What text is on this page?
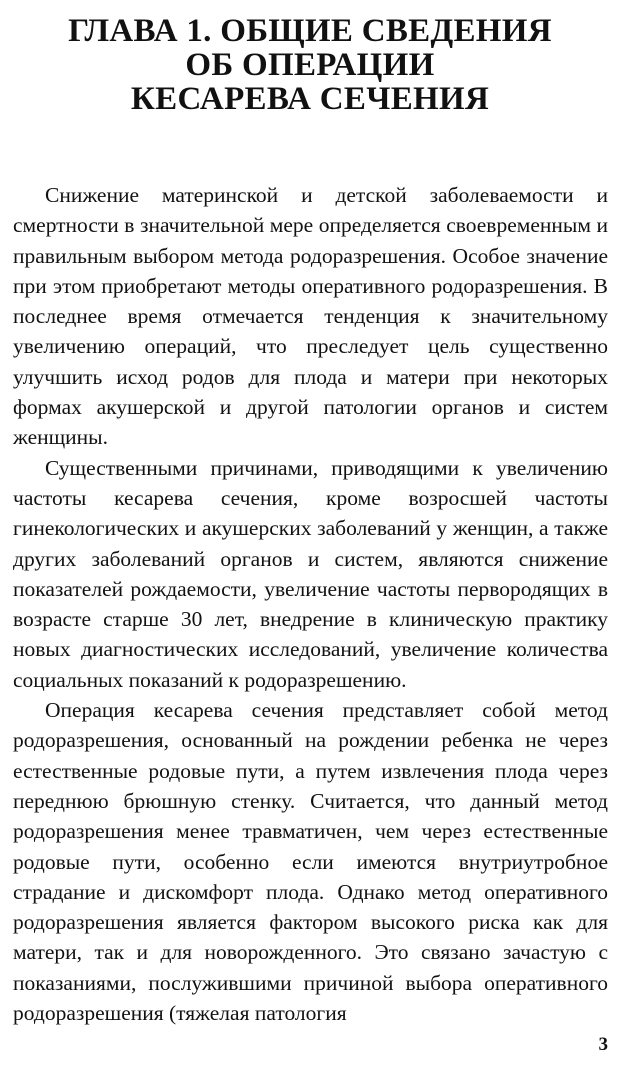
ГЛАВА 1. ОБЩИЕ СВЕДЕНИЯ
ОБ ОПЕРАЦИИ
КЕСАРЕВА СЕЧЕНИЯ

Снижение материнской и детской заболеваемости и смертности в значительной мере определяется своевременным и правильным выбором метода родоразрешения. Особое значение при этом приобретают методы оперативного родоразрешения. В последнее время отмечается тенденция к значительному увеличению операций, что преследует цель существенно улучшить исход родов для плода и матери при некоторых формах акушерской и другой патологии органов и систем женщины.

Существенными причинами, приводящими к увеличению частоты кесарева сечения, кроме возросшей частоты гинекологических и акушерских заболеваний у женщин, а также других заболеваний органов и систем, являются снижение показателей рождаемости, увеличение частоты первородящих в возрасте старше 30 лет, внедрение в клиническую практику новых диагностических исследований, увеличение количества социальных показаний к родоразрешению.

Операция кесарева сечения представляет собой метод родоразрешения, основанный на рождении ребенка не через естественные родовые пути, а путем извлечения плода через переднюю брюшную стенку. Считается, что данный метод родоразрешения менее травматичен, чем через естественные родовые пути, особенно если имеются внутриутробное страдание и дискомфорт плода. Однако метод оперативного родоразрешения является фактором высокого риска как для матери, так и для новорожденного. Это связано зачастую с показаниями, послужившими причиной выбора оперативного родоразрешения (тяжелая патология

3
